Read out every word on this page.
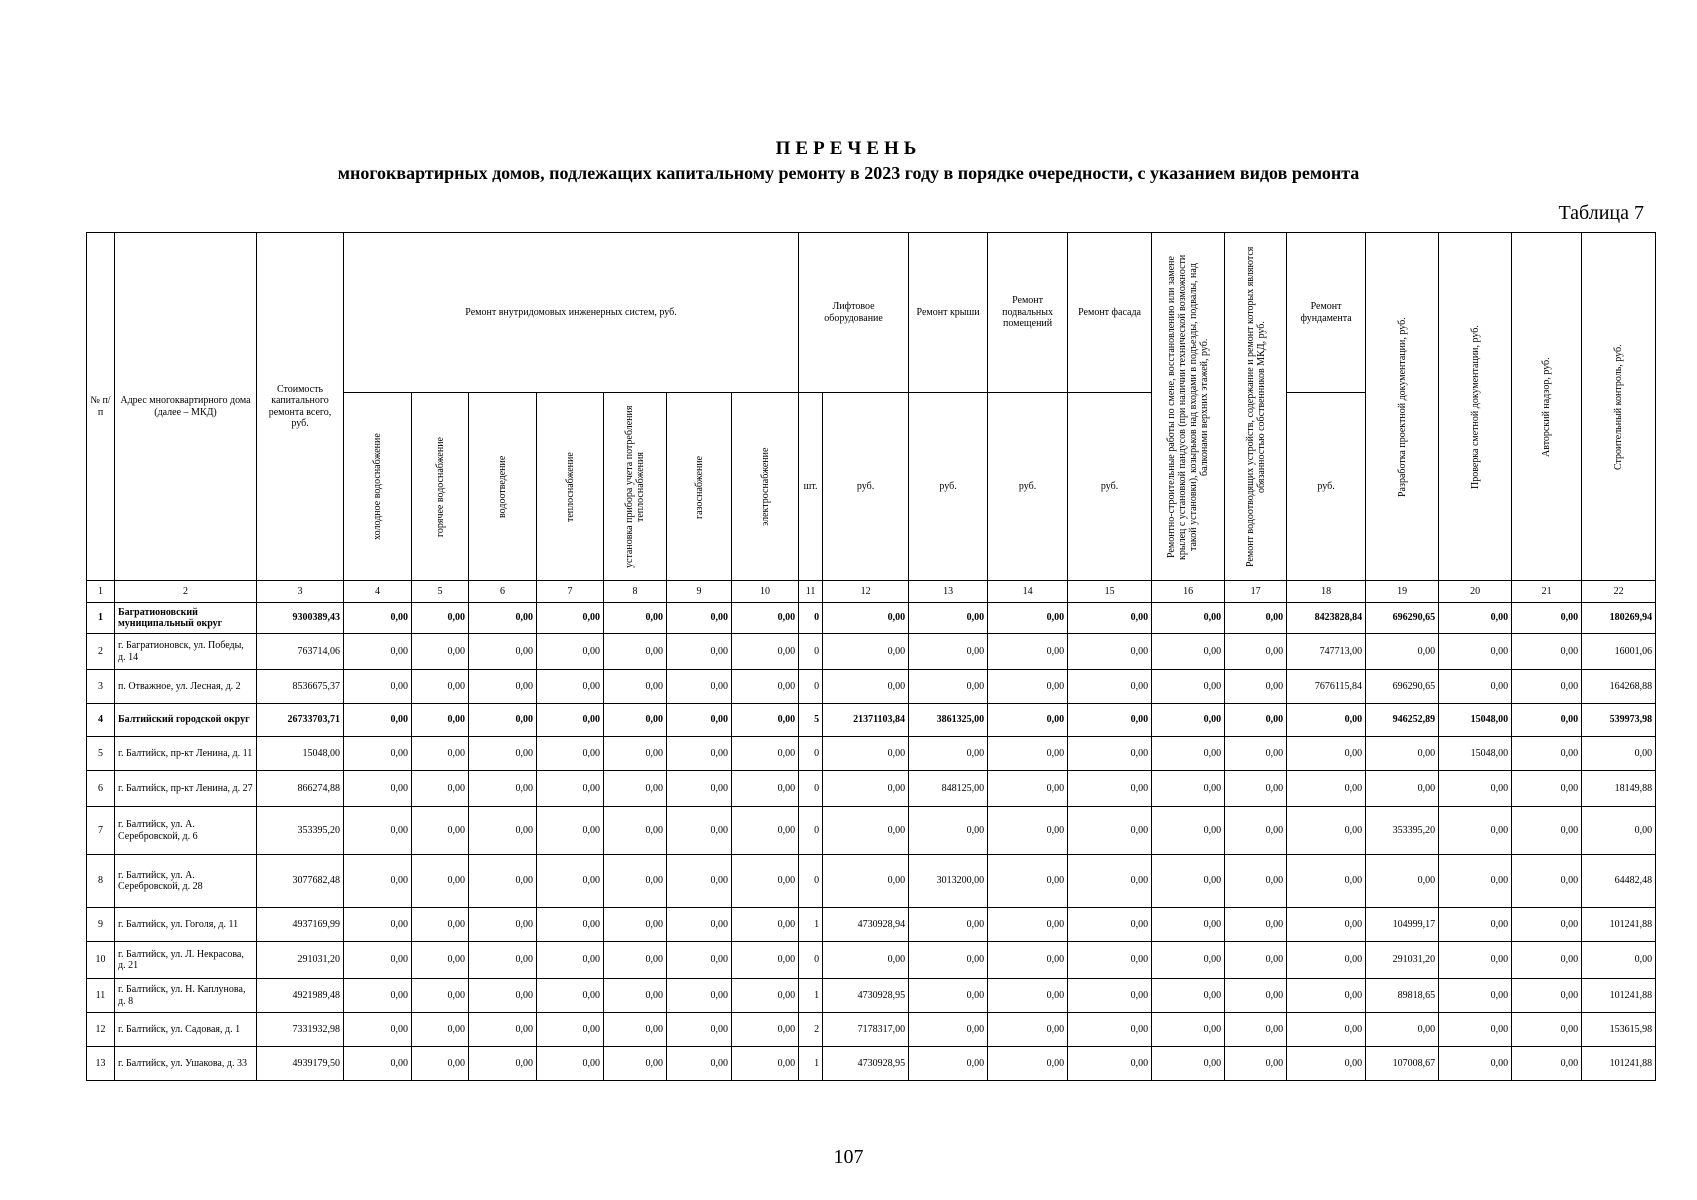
ПЕРЕЧЕНЬ
многоквартирных домов, подлежащих капитальному ремонту в 2023 году в порядке очередности, с указанием видов ремонта
Таблица 7
№ п/п	Адрес многоквартирного дома (далее – МКД)	Стоимость капитального ремонта всего, руб.	Ремонт внутридомовых инженерных систем, руб.							Лифтовое оборудование		Ремонт крыши	Ремонт подвальных помещений	Ремонт фасада	Ремонтно-строительные работы по смене, восстановлению или замене крылец с установкой пандусов (при наличии технической возможности такой установки), козырьков над входами в подъезды, подвалы, над балконами верхних этажей, руб.	Ремонт водоотводящих устройств, содержание и ремонт которых являются обязанностью собственников МКД, руб.	Ремонт фундамента	Разработка проектной документации, руб.	Проверка сметной документации, руб.	Авторский надзор, руб.	Строительный контроль, руб.

			холодное водоснабжение	горячее водоснабжение	водоотведение	теплоснабжение	установка прибора учета потребления теплоснабжения	газоснабжение	электроснабжение	шт.	руб.	руб.	руб.	руб.			руб.				
1	2	3	4	5	6	7	8	9	10	11	12	13	14	15	16	17	18	19	20	21	22
1	Багратионовский муниципальный округ	9300389,43	0,00	0,00	0,00	0,00	0,00	0,00	0,00	0	0,00	0,00	0,00	0,00	0,00	0,00	8423828,84	696290,65	0,00	0,00	180269,94
2	г. Багратионовск, ул. Победы, д. 14	763714,06	0,00	0,00	0,00	0,00	0,00	0,00	0,00	0	0,00	0,00	0,00	0,00	0,00	0,00	747713,00	0,00	0,00	0,00	16001,06
3	п. Отважное, ул. Лесная, д. 2	8536675,37	0,00	0,00	0,00	0,00	0,00	0,00	0,00	0	0,00	0,00	0,00	0,00	0,00	0,00	7676115,84	696290,65	0,00	0,00	164268,88
4	Балтийский городской округ	26733703,71	0,00	0,00	0,00	0,00	0,00	0,00	0,00	5	21371103,84	3861325,00	0,00	0,00	0,00	0,00	0,00	946252,89	15048,00	0,00	539973,98
5	г. Балтийск, пр-кт Ленина, д. 11	15048,00	0,00	0,00	0,00	0,00	0,00	0,00	0,00	0	0,00	0,00	0,00	0,00	0,00	0,00	0,00	0,00	15048,00	0,00	0,00
6	г. Балтийск, пр-кт Ленина, д. 27	866274,88	0,00	0,00	0,00	0,00	0,00	0,00	0,00	0	0,00	848125,00	0,00	0,00	0,00	0,00	0,00	0,00	0,00	0,00	18149,88
7	г. Балтийск, ул. А. Серебровской, д. 6	353395,20	0,00	0,00	0,00	0,00	0,00	0,00	0,00	0	0,00	0,00	0,00	0,00	0,00	0,00	0,00	353395,20	0,00	0,00	0,00
8	г. Балтийск, ул. А. Серебровской, д. 28	3077682,48	0,00	0,00	0,00	0,00	0,00	0,00	0,00	0	0,00	3013200,00	0,00	0,00	0,00	0,00	0,00	0,00	0,00	0,00	64482,48
9	г. Балтийск, ул. Гоголя, д. 11	4937169,99	0,00	0,00	0,00	0,00	0,00	0,00	0,00	1	4730928,94	0,00	0,00	0,00	0,00	0,00	0,00	104999,17	0,00	0,00	101241,88
10	г. Балтийск, ул. Л. Некрасова, д. 21	291031,20	0,00	0,00	0,00	0,00	0,00	0,00	0,00	0	0,00	0,00	0,00	0,00	0,00	0,00	0,00	291031,20	0,00	0,00	0,00
11	г. Балтийск, ул. Н. Каплунова, д. 8	4921989,48	0,00	0,00	0,00	0,00	0,00	0,00	0,00	1	4730928,95	0,00	0,00	0,00	0,00	0,00	0,00	89818,65	0,00	0,00	101241,88
12	г. Балтийск, ул. Садовая, д. 1	7331932,98	0,00	0,00	0,00	0,00	0,00	0,00	0,00	2	7178317,00	0,00	0,00	0,00	0,00	0,00	0,00	0,00	0,00	0,00	153615,98
13	г. Балтийск, ул. Ушакова, д. 33	4939179,50	0,00	0,00	0,00	0,00	0,00	0,00	0,00	1	4730928,95	0,00	0,00	0,00	0,00	0,00	0,00	107008,67	0,00	0,00	101241,88
107
